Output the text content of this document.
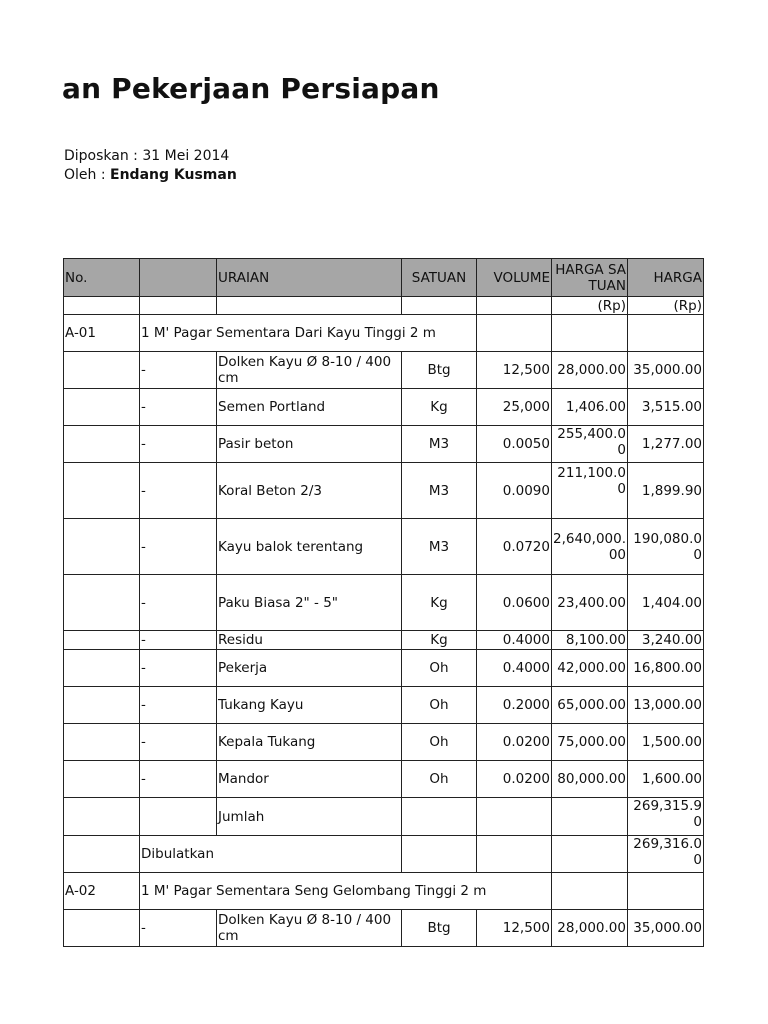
an Pekerjaan Persiapan
Diposkan : 31 Mei 2014
Oleh : Endang Kusman
No.		URAIAN	SATUAN	VOLUME	HARGA SATUAN	HARGA
					(Rp)	(Rp)
A-01	1 M' Pagar Sementara Dari Kayu Tinggi 2 m					
	-	Dolken Kayu Ø 8-10 / 400 cm	Btg	12,500	28,000.00	35,000.00
	-	Semen Portland	Kg	25,000	1,406.00	3,515.00
	-	Pasir beton	M3	0.0050	255,400.00	1,277.00
	-	Koral Beton 2/3	M3	0.0090	211,100.00	1,899.90
	-	Kayu balok terentang	M3	0.0720	2,640,000.00	190,080.00
	-	Paku Biasa 2" - 5"	Kg	0.0600	23,400.00	1,404.00
	-	Residu	Kg	0.4000	8,100.00	3,240.00
	-	Pekerja	Oh	0.4000	42,000.00	16,800.00
	-	Tukang Kayu	Oh	0.2000	65,000.00	13,000.00
	-	Kepala Tukang	Oh	0.0200	75,000.00	1,500.00
	-	Mandor	Oh	0.0200	80,000.00	1,600.00
		Jumlah				269,315.90
	Dibulatkan					269,316.00
A-02	1 M' Pagar Sementara Seng Gelombang Tinggi 2 m					
	-	Dolken Kayu Ø 8-10 / 400 cm	Btg	12,500	28,000.00	35,000.00
